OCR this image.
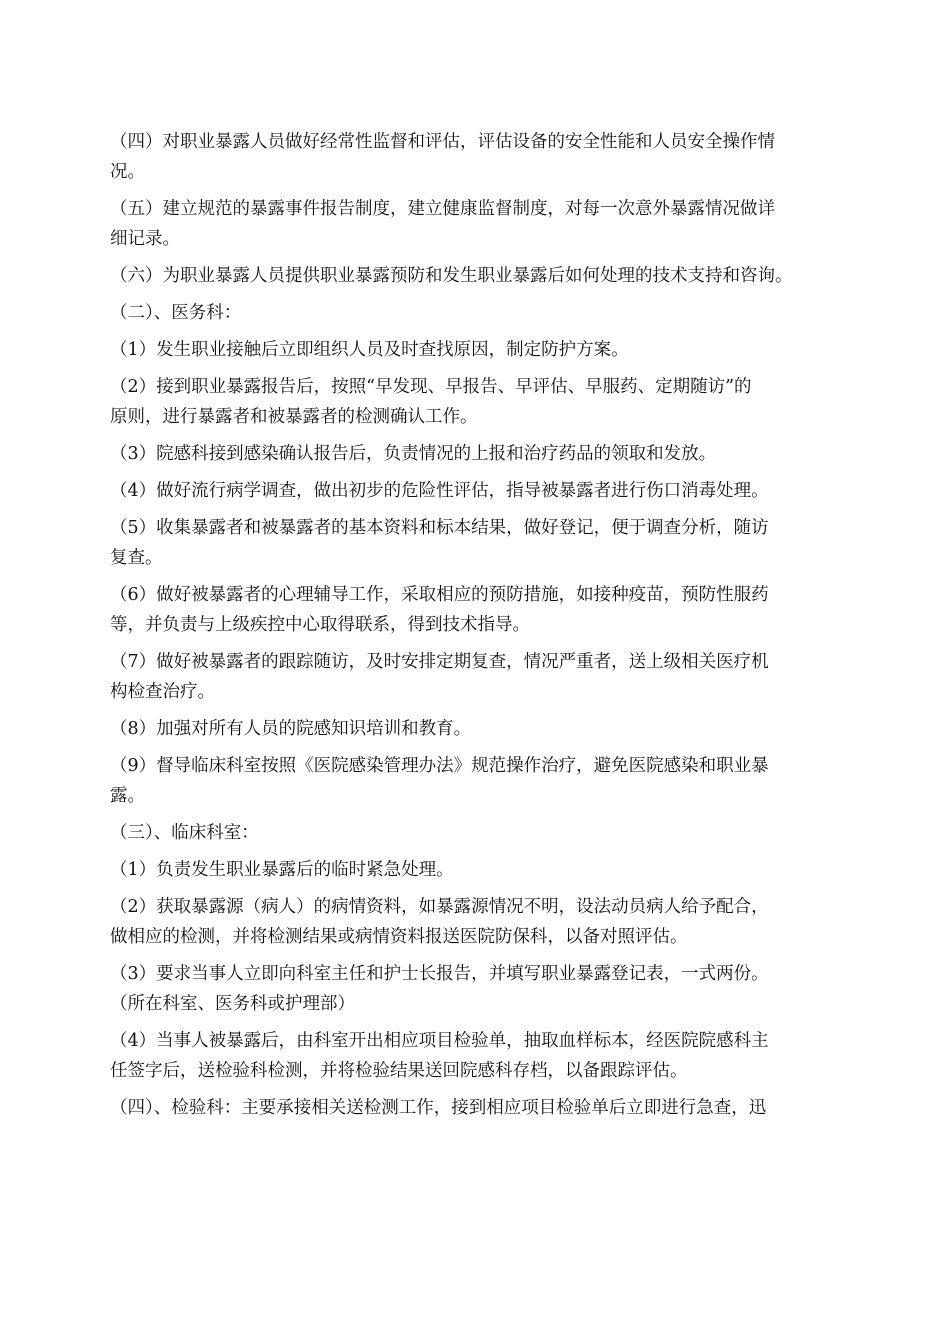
（四）对职业暴露人员做好经常性监督和评估，评估设备的安全性能和人员安全操作情
况。
（五）建立规范的暴露事件报告制度，建立健康监督制度，对每一次意外暴露情况做详
细记录。
（六）为职业暴露人员提供职业暴露预防和发生职业暴露后如何处理的技术支持和咨询。
（二）、医务科：
（1）发生职业接触后立即组织人员及时查找原因，制定防护方案。
（2）接到职业暴露报告后，按照“早发现、早报告、早评估、早服药、定期随访”的
原则，进行暴露者和被暴露者的检测确认工作。
（3）院感科接到感染确认报告后，负责情况的上报和治疗药品的领取和发放。
（4）做好流行病学调查，做出初步的危险性评估，指导被暴露者进行伤口消毒处理。
（5）收集暴露者和被暴露者的基本资料和标本结果，做好登记，便于调查分析，随访
复查。
（6）做好被暴露者的心理辅导工作，采取相应的预防措施，如接种疫苗，预防性服药
等，并负责与上级疾控中心取得联系，得到技术指导。
（7）做好被暴露者的跟踪随访，及时安排定期复查，情况严重者，送上级相关医疗机
构检查治疗。
（8）加强对所有人员的院感知识培训和教育。
（9）督导临床科室按照《医院感染管理办法》规范操作治疗，避免医院感染和职业暴
露。
（三）、临床科室：
（1）负责发生职业暴露后的临时紧急处理。
（2）获取暴露源（病人）的病情资料，如暴露源情况不明，设法动员病人给予配合，
做相应的检测，并将检测结果或病情资料报送医院防保科，以备对照评估。
（3）要求当事人立即向科室主任和护士长报告，并填写职业暴露登记表，一式两份。
（所在科室、医务科或护理部）
（4）当事人被暴露后，由科室开出相应项目检验单，抽取血样标本，经医院院感科主
任签字后，送检验科检测，并将检验结果送回院感科存档，以备跟踪评估。
（四）、检验科：主要承接相关送检测工作，接到相应项目检验单后立即进行急查，迅
